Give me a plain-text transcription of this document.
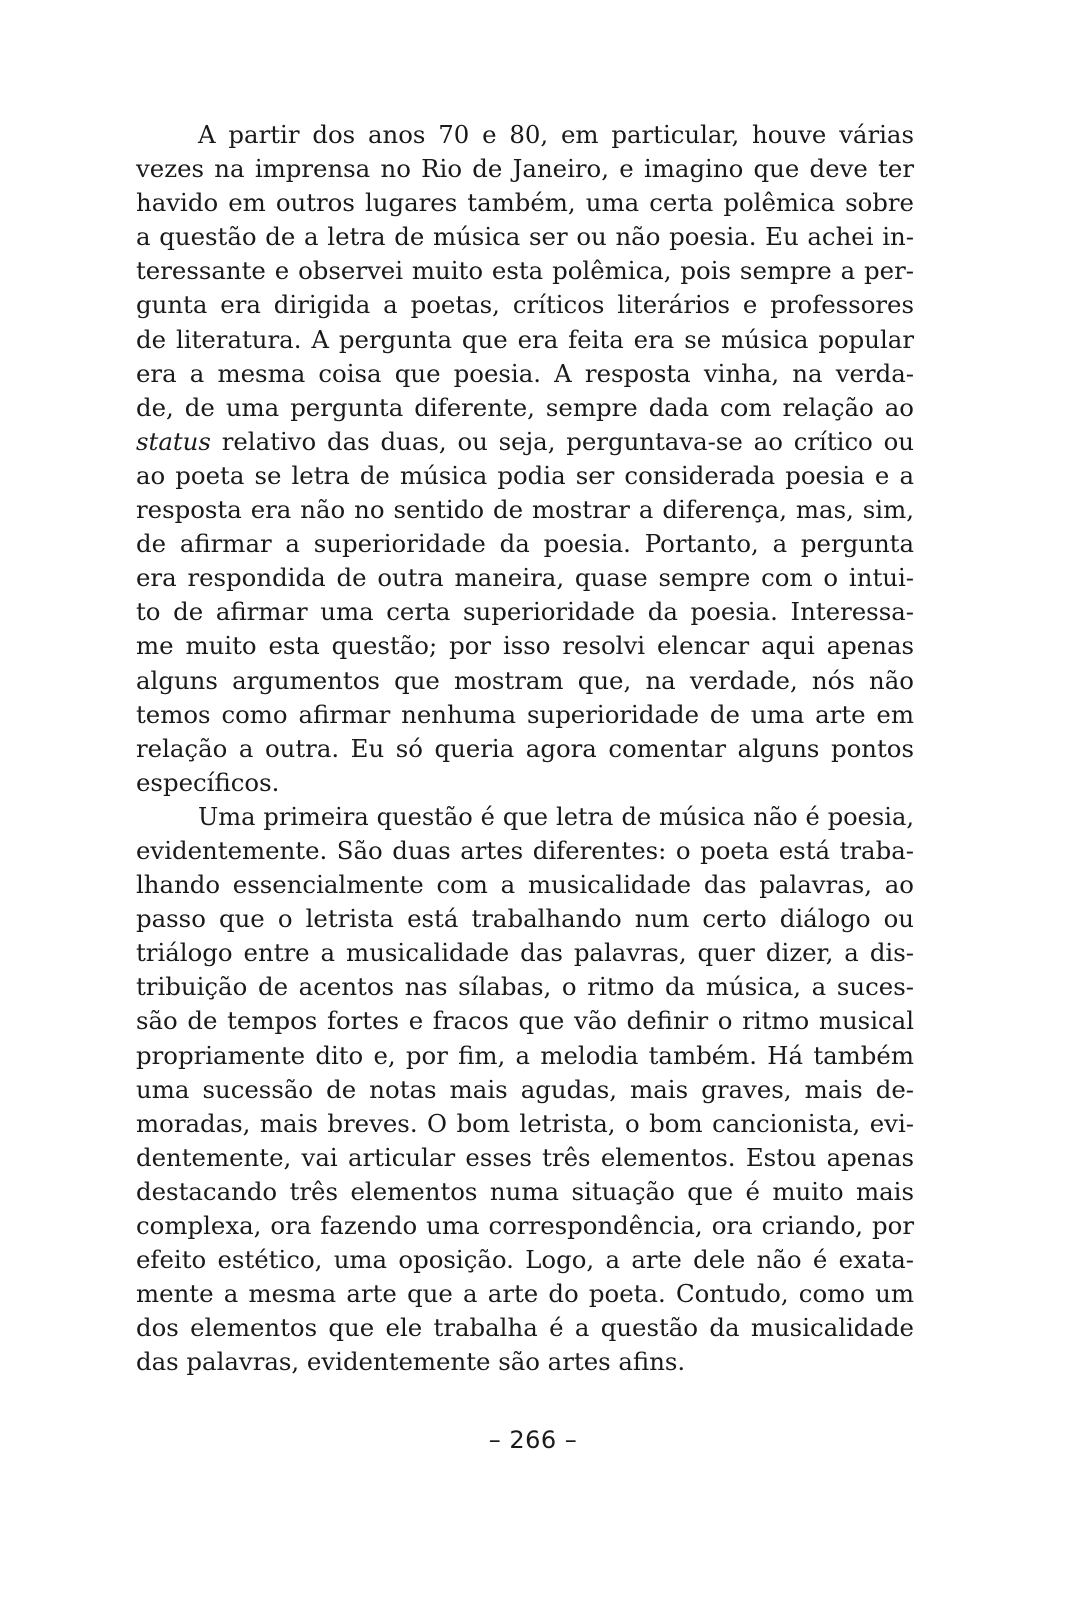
A partir dos anos 70 e 80, em particular, houve várias

vezes na imprensa no Rio de Janeiro, e imagino que deve ter

havido em outros lugares também, uma certa polêmica sobre

a questão de a letra de música ser ou não poesia. Eu achei in-

teressante e observei muito esta polêmica, pois sempre a per-

gunta era dirigida a poetas, críticos literários e professores

de literatura. A pergunta que era feita era se música popular

era a mesma coisa que poesia. A resposta vinha, na verda-

de, de uma pergunta diferente, sempre dada com relação ao

status relativo das duas, ou seja, perguntava-se ao crítico ou

ao poeta se letra de música podia ser considerada poesia e a

resposta era não no sentido de mostrar a diferença, mas, sim,

de afirmar a superioridade da poesia. Portanto, a pergunta

era respondida de outra maneira, quase sempre com o intui-

to de afirmar uma certa superioridade da poesia. Interessa-

me muito esta questão; por isso resolvi elencar aqui apenas

alguns argumentos que mostram que, na verdade, nós não

temos como afirmar nenhuma superioridade de uma arte em

relação a outra. Eu só queria agora comentar alguns pontos

específicos.

Uma primeira questão é que letra de música não é poesia,

evidentemente. São duas artes diferentes: o poeta está traba-

lhando essencialmente com a musicalidade das palavras, ao

passo que o letrista está trabalhando num certo diálogo ou

triálogo entre a musicalidade das palavras, quer dizer, a dis-

tribuição de acentos nas sílabas, o ritmo da música, a suces-

são de tempos fortes e fracos que vão definir o ritmo musical

propriamente dito e, por fim, a melodia também. Há também

uma sucessão de notas mais agudas, mais graves, mais de-

moradas, mais breves. O bom letrista, o bom cancionista, evi-

dentemente, vai articular esses três elementos. Estou apenas

destacando três elementos numa situação que é muito mais

complexa, ora fazendo uma correspondência, ora criando, por

efeito estético, uma oposição. Logo, a arte dele não é exata-

mente a mesma arte que a arte do poeta. Contudo, como um

dos elementos que ele trabalha é a questão da musicalidade

das palavras, evidentemente são artes afins.

– 266 –
